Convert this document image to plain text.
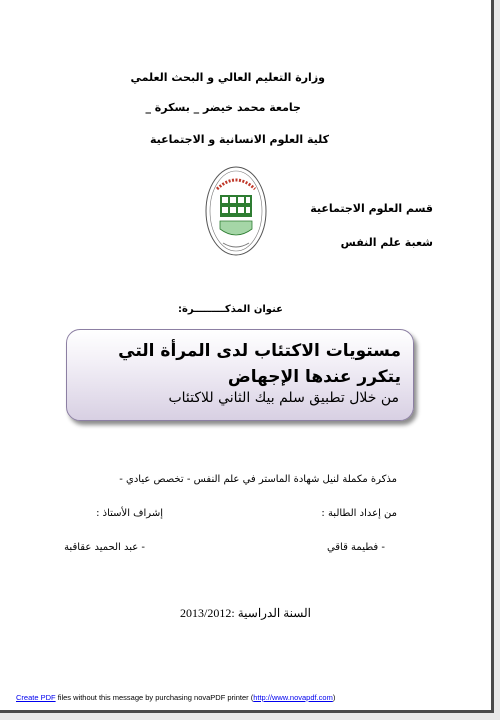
وزارة التعليم العالي و البحث العلمي
جامعة محمد خيضر _ بسكرة _
كلية العلوم الانسانية و الاجتماعية
قسم العلوم الاجتماعية
شعبة علم النفس
عنوان المذكـــــــــرة:
مستويات الاكتئاب لدى المرأة التي يتكرر عندها الإجهاض
من خلال تطبيق سلم بيك الثاني للاكتئاب
مذكرة مكملة لنيل شهادة الماستر في علم النفس - تخصص عيادي -
من إعداد الطالبة :
إشراف الأستاذ :
- فطيمة قاقي
- عبد الحميد عقاقبة
السنة الدراسية :2013/2012
Create PDF files without this message by purchasing novaPDF printer (http://www.novapdf.com)
